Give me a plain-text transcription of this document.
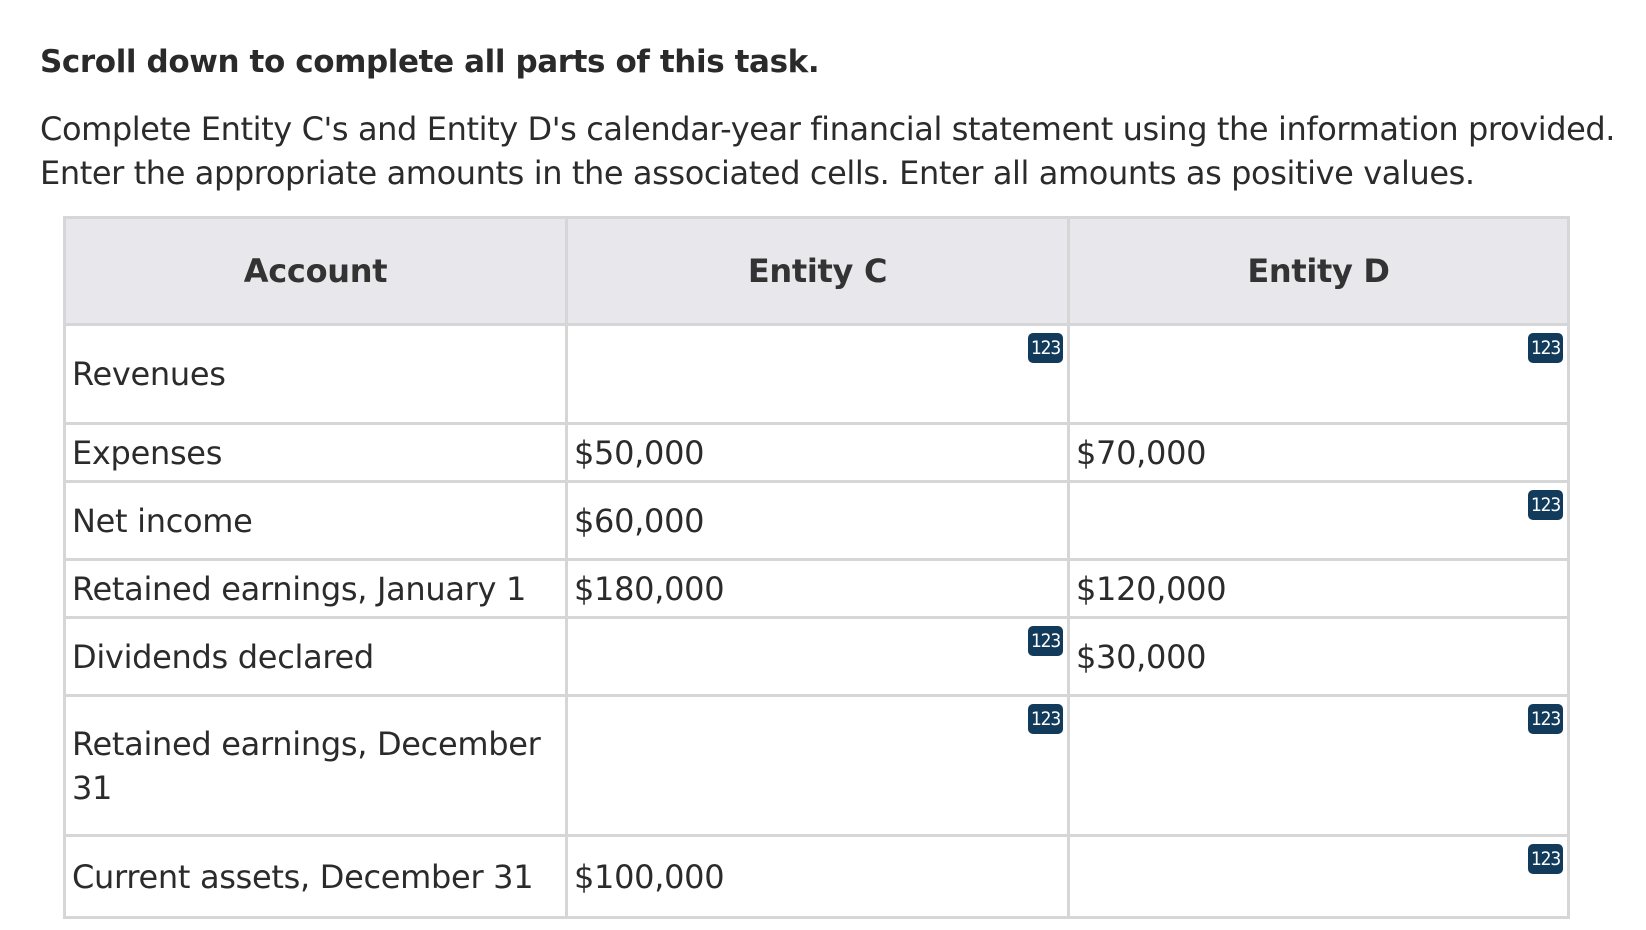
Scroll down to complete all parts of this task.

Complete Entity C's and Entity D's calendar-year financial statement using the information provided.

Enter the appropriate amounts in the associated cells. Enter all amounts as positive values.

Account	Entity C	Entity D
Revenues	123	123

Expenses	$50,000	$70,000
Net income	$60,000	123

Retained earnings, January 1	$180,000	$120,000
Dividends declared	123	$30,000
Retained earnings, December 31	123	123

Current assets, December 31	$100,000	123
